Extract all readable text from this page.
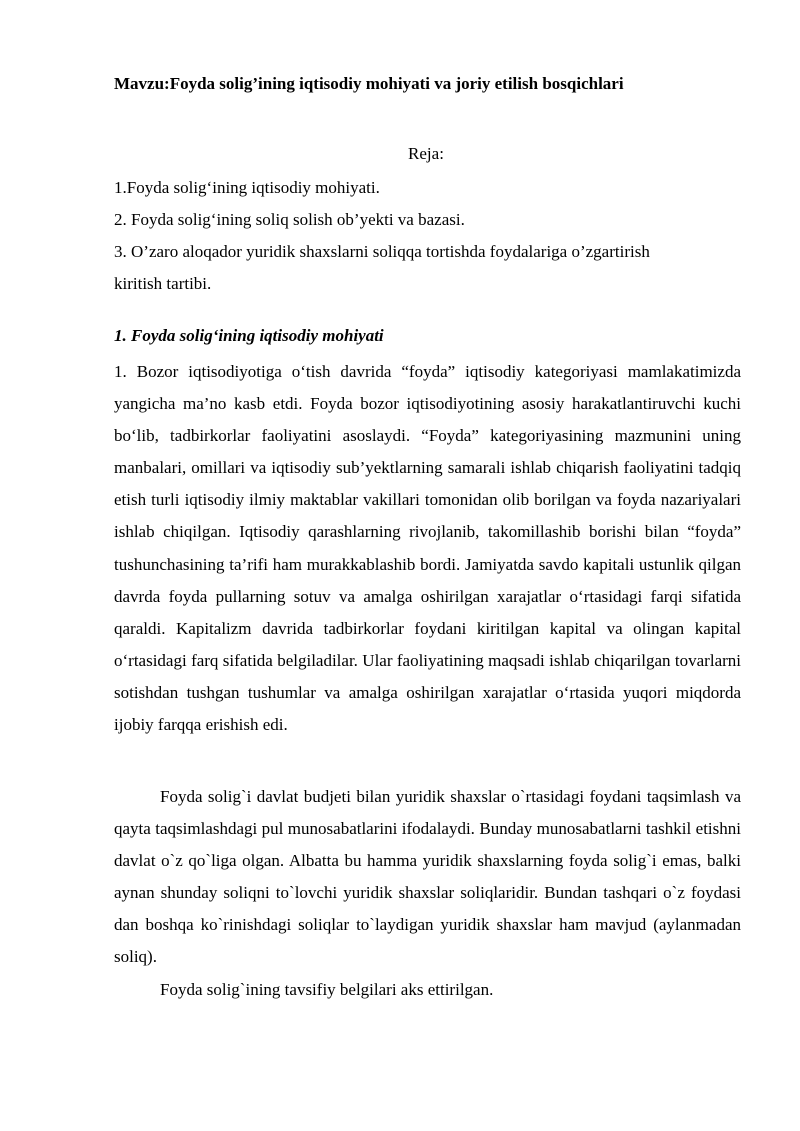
Mavzu:Foyda solig’ining iqtisodiy mohiyati va joriy etilish bosqichlari
Reja:
1.Foyda solig‘ining iqtisodiy mohiyati.
2. Foyda solig‘ining soliq solish ob’yekti va bazasi.
3. O’zaro aloqador yuridik shaxslarni soliqqa tortishda foydalariga o’zgartirish
kiritish tartibi.
1. Foyda solig‘ining iqtisodiy mohiyati

1. Bozor iqtisodiyotiga o‘tish davrida “foyda” iqtisodiy kategoriyasi mamlakatimizda yangicha ma’no kasb etdi. Foyda bozor iqtisodiyotining asosiy harakatlantiruvchi kuchi bo‘lib, tadbirkorlar faoliyatini asoslaydi. “Foyda” kategoriyasining mazmunini uning manbalari, omillari va iqtisodiy sub’yektlarning samarali ishlab chiqarish faoliyatini tadqiq etish turli iqtisodiy ilmiy maktablar vakillari tomonidan olib borilgan va foyda nazariyalari ishlab chiqilgan. Iqtisodiy qarashlarning rivojlanib, takomillashib borishi bilan “foyda” tushunchasining ta’rifi ham murakkablashib bordi. Jamiyatda savdo kapitali ustunlik qilgan davrda foyda pullarning sotuv va amalga oshirilgan xarajatlar o‘rtasidagi farqi sifatida qaraldi. Kapitalizm davrida tadbirkorlar foydani kiritilgan kapital va olingan kapital o‘rtasidagi farq sifatida belgiladilar. Ular faoliyatining maqsadi ishlab chiqarilgan tovarlarni sotishdan tushgan tushumlar va amalga oshirilgan xarajatlar o‘rtasida yuqori miqdorda ijobiy farqqa erishish edi.

Foyda solig`i davlat budjeti bilan yuridik shaxslar o`rtasidagi foydani taqsimlash va qayta taqsimlashdagi pul munosabatlarini ifodalaydi. Bunday munosabatlarni tashkil etishni davlat o`z qo`liga olgan. Albatta bu hamma yuridik shaxslarning foyda solig`i emas, balki aynan shunday soliqni to`lovchi yuridik shaxslar soliqlaridir. Bundan tashqari o`z foydasi dan boshqa ko`rinishdagi soliqlar to`laydigan yuridik shaxslar ham mavjud (aylanmadan soliq).

Foyda solig`ining tavsifiy belgilari aks ettirilgan.
